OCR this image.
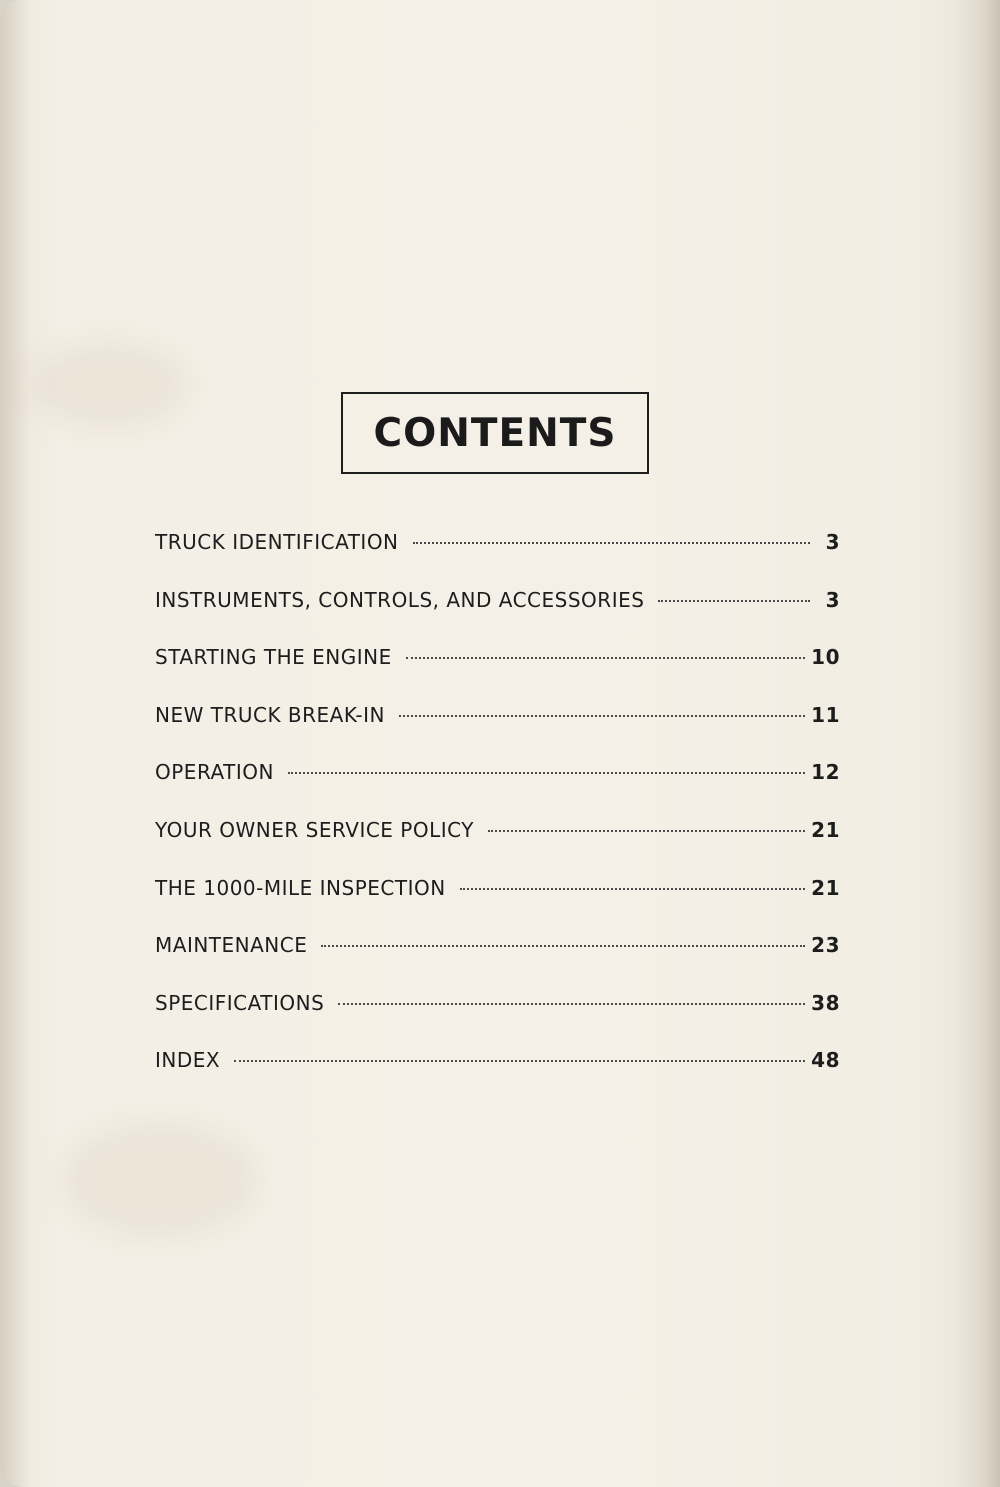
CONTENTS
TRUCK IDENTIFICATION	3
INSTRUMENTS, CONTROLS, AND ACCESSORIES	3
STARTING THE ENGINE	10
NEW TRUCK BREAK-IN	11
OPERATION	12
YOUR OWNER SERVICE POLICY	21
THE 1000-MILE INSPECTION	21
MAINTENANCE	23
SPECIFICATIONS	38
INDEX	48
